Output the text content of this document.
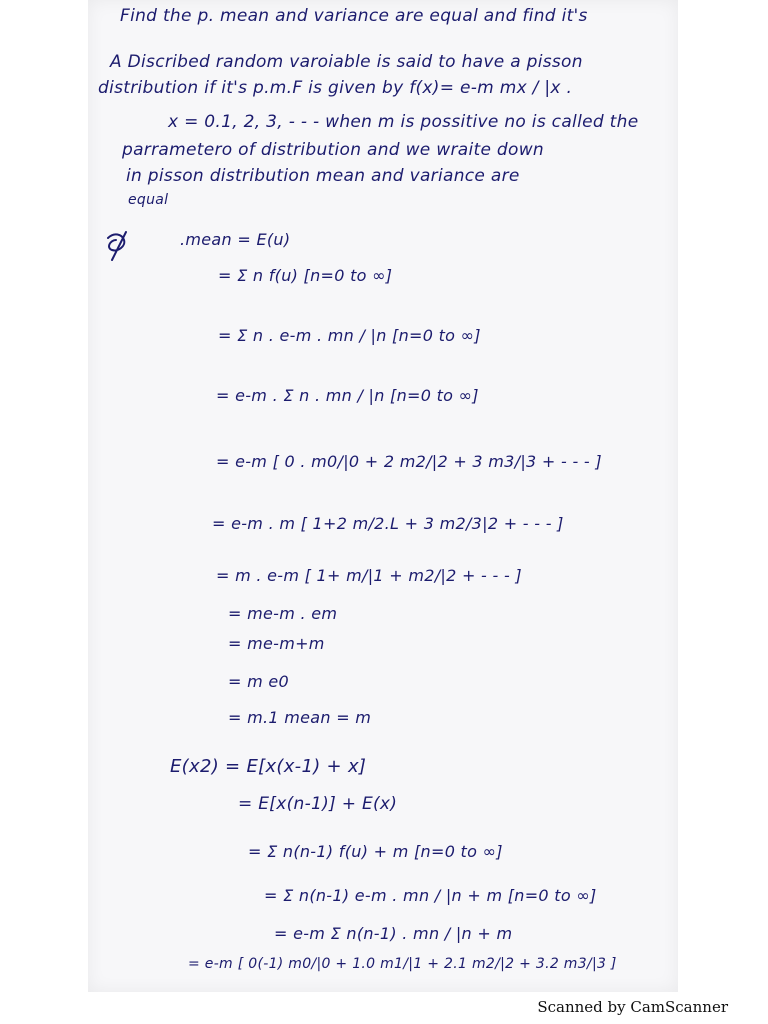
Find the p. mean and variance are equal and find it's
A Discribed random varoiable is said to have a pisson
distribution if it's p.m.F is given by f(x)= e-m mx / |x .
x = 0.1, 2, 3, - - - when m is possitive no is called the
parrametero of distribution and we wraite down
in pisson distribution mean and variance are
equal
.mean = E(u)
= Σ n f(u) [n=0 to ∞]
= Σ n . e-m . mn / |n [n=0 to ∞]
= e-m . Σ n . mn / |n [n=0 to ∞]
= e-m [ 0 . m0/|0 + 2 m2/|2 + 3 m3/|3 + - - - ]
= e-m . m [ 1+2 m/2.L + 3 m2/3|2 + - - - ]
= m . e-m [ 1+ m/|1 + m2/|2 + - - - ]
= me-m . em
= me-m+m
= m e0
= m.1 mean = m
E(x2) = E[x(x-1) + x]
= E[x(n-1)] + E(x)
= Σ n(n-1) f(u) + m [n=0 to ∞]
= Σ n(n-1) e-m . mn / |n + m [n=0 to ∞]
= e-m Σ n(n-1) . mn / |n + m
= e-m [ 0(-1) m0/|0 + 1.0 m1/|1 + 2.1 m2/|2 + 3.2 m3/|3 ]
Scanned by CamScanner
